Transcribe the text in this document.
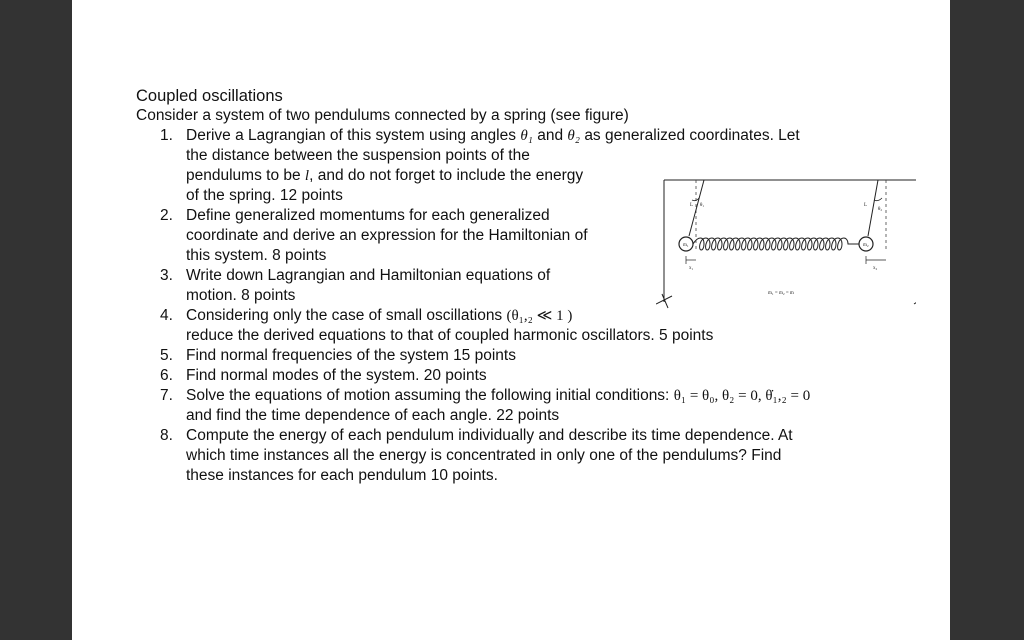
Coupled oscillations

Consider a system of two pendulums connected by a spring (see figure)

1. Derive a Lagrangian of this system using angles θ₁ and θ₂ as generalized coordinates. Let
the distance between the suspension points of the
pendulums to be l, and do not forget to include the energy
of the spring. 12 points
2. Define generalized momentums for each generalized
coordinate and derive an expression for the Hamiltonian of
this system. 8 points
3. Write down Lagrangian and Hamiltonian equations of
motion. 8 points
4. Considering only the case of small oscillations (θ₁,₂ ≪ 1 )
reduce the derived equations to that of coupled harmonic oscillators. 5 points
5. Find normal frequencies of the system 15 points
6. Find normal modes of the system. 20 points
7. Solve the equations of motion assuming the following initial conditions: θ₁ = θ₀, θ₂ = 0, θ̇₁,₂ = 0
and find the time dependence of each angle. 22 points
8. Compute the energy of each pendulum individually and describe its time dependence. At
which time instances all the energy is concentrated in only one of the pendulums? Find
these instances for each pendulum 10 points.
L θ₁	L
θ₂
m₁	m₂
x₁	x₂
m₁ = m₂ = m
